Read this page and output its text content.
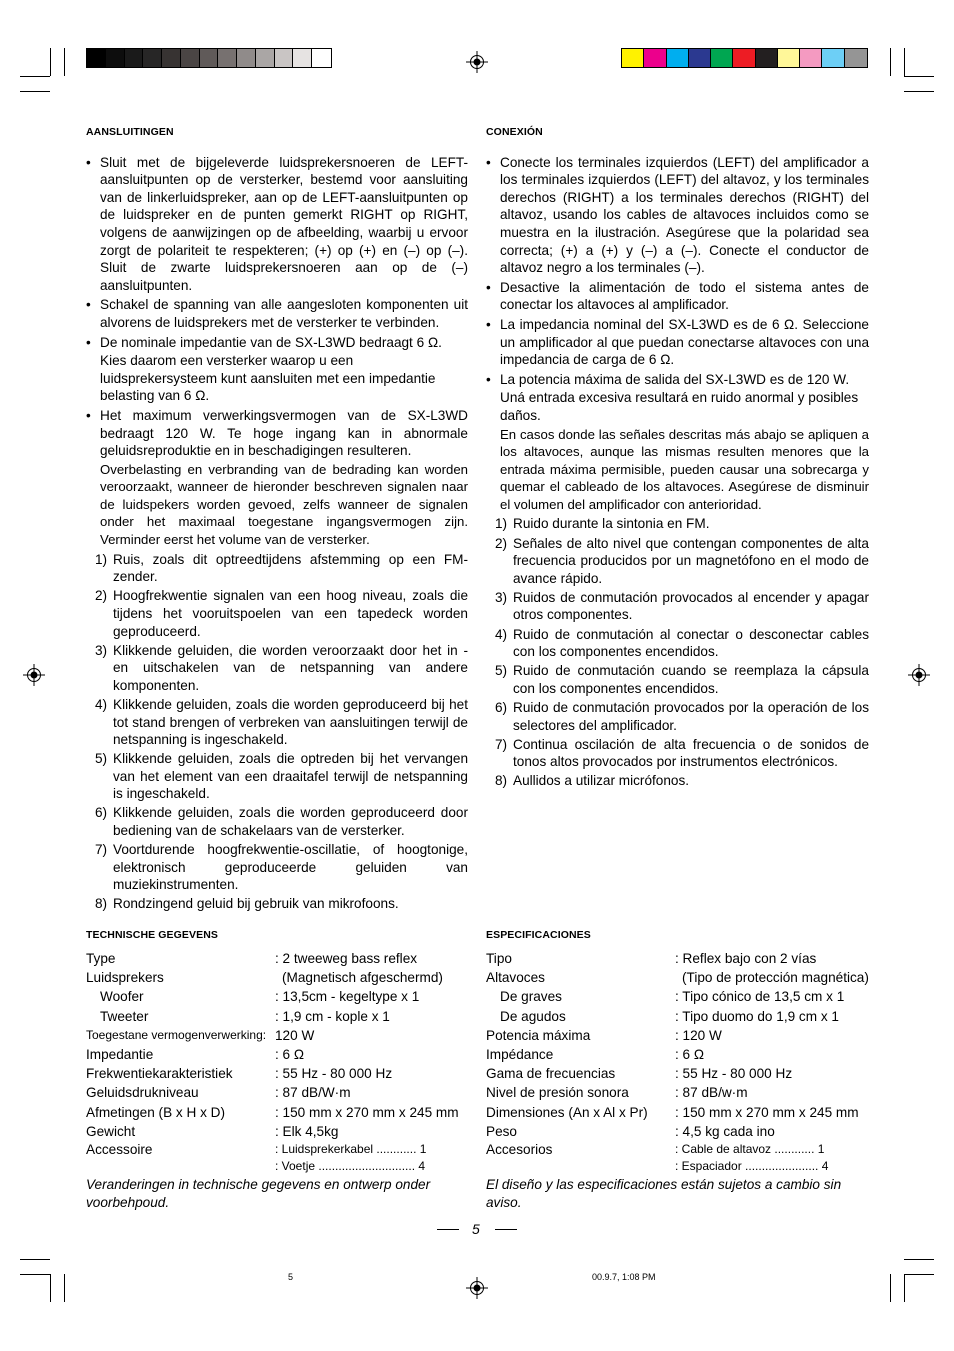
AANSLUITINGEN
• Sluit met de bijgeleverde luidsprekersnoeren de LEFT-aansluitpunten op de versterker, bestemd voor aansluiting van de linkerluidspreker, aan op de LEFT-aansluitpunten op de luidspreker en de punten gemerkt RIGHT op RIGHT, volgens de aanwijzingen op de afbeelding, waarbij u ervoor zorgt de polariteit te respekteren; (+) op (+) en (–) op (–). Sluit de zwarte luidsprekersnoeren aan op de (–) aansluitpunten.
• Schakel de spanning van alle aangesloten komponenten uit alvorens de luidsprekers met de versterker te verbinden.
• De nominale impedantie van de SX-L3WD bedraagt 6 Ω.
Kies daarom een versterker waarop u een luidsprekersysteem kunt aansluiten met een impedantie belasting van 6 Ω.
• Het maximum verwerkingsvermogen van de SX-L3WD bedraagt 120 W. Te hoge ingang kan in abnormale geluidsreproduktie en in beschadigingen resulteren.
Overbelasting en verbranding van de bedrading kan worden veroorzaakt, wanneer de hieronder beschreven signalen naar de luidspekers worden gevoed, zelfs wanneer de signalen onder het maximaal toegestane ingangsvermogen zijn. Verminder eerst het volume van de versterker.
1) Ruis, zoals dit optreedtijdens afstemming op een FM-zender.
2) Hoogfrekwentie signalen van een hoog niveau, zoals die tijdens het vooruitspoelen van een tapedeck worden geproduceerd.
3) Klikkende geluiden, die worden veroorzaakt door het in - en uitschakelen van de netspanning van andere komponenten.
4) Klikkende geluiden, zoals die worden geproduceerd bij het tot stand brengen of verbreken van aansluitingen terwijl de netspanning is ingeschakeld.
5) Klikkende geluiden, zoals die optreden bij het vervangen van het element van een draaitafel terwijl de netspanning is ingeschakeld.
6) Klikkende geluiden, zoals die worden geproduceerd door bediening van de schakelaars van de versterker.
7) Voortdurende hoogfrekwentie-oscillatie, of hoogtonige, elektronisch geproduceerde geluiden van muziekinstrumenten.
8) Rondzingend geluid bij gebruik van mikrofoons.
CONEXIÓN
• Conecte los terminales izquierdos (LEFT) del amplificador a los terminales izquierdos (LEFT) del altavoz, y los terminales derechos (RIGHT) a los terminales derechos (RIGHT) del altavoz, usando los cables de altavoces incluidos como se muestra en la ilustración. Asegúrese que la polaridad sea correcta; (+) a (+) y (–) a (–). Conecte el conductor de altavoz negro a los terminales (–).
• Desactive la alimentación de todo el sistema antes de conectar los altavoces al amplificador.
• La impedancia nominal del SX-L3WD es de 6 Ω. Seleccione un amplificador al que puedan conectarse altavoces con una impedancia de carga de 6 Ω.
• La potencia máxima de salida del SX-L3WD es de 120 W.
Uná entrada excesiva resultará en ruido anormal y posibles daños.
En casos donde las señales descritas más abajo se apliquen a los altavoces, aunque las mismas resulten menores que la entrada máxima permisible, pueden causar una sobrecarga y quemar el cableado de los altavoces. Asegúrese de disminuir el volumen del amplificador con anterioridad.
1) Ruido durante la sintonia en FM.
2) Señales de alto nivel que contengan componentes de alta frecuencia producidos por un magnetófono en el modo de avance rápido.
3) Ruidos de conmutación provocados al encender y apagar otros componentes.
4) Ruido de conmutación al conectar o desconectar cables con los componentes encendidos.
5) Ruido de conmutación cuando se reemplaza la cápsula con los componentes encendidos.
6) Ruido de conmutación provocados por la operación de los selectores del amplificador.
7) Continua oscilación de alta frecuencia o de sonidos de tonos altos provocados por instrumentos electrónicos.
8) Aullidos a utilizar micrófonos.
TECHNISCHE GEGEVENS
Type	: 2 tweeweg bass reflex
Luidsprekers	(Magnetisch afgeschermd)
Woofer	: 13,5cm - kegeltype x 1
Tweeter	: 1,9 cm - kople x 1
Toegestane vermogenverwerking:	120 W
Impedantie	: 6 Ω
Frekwentiekarakteristiek	: 55 Hz - 80 000 Hz
Geluidsdrukniveau	: 87 dB/W·m
Afmetingen (B x H x D)	: 150 mm x 270 mm x 245 mm
Gewicht	: Elk 4,5kg
Accessoire	: Luidsprekerkabel ............ 1
	: Voetje ............................. 4
Veranderingen in technische gegevens en ontwerp onder voorbehpoud.
ESPECIFICACIONES
Tipo	: Reflex bajo con 2 vías
Altavoces	(Tipo de protección magnética)
De graves	: Tipo cónico de 13,5 cm x 1
De agudos	: Tipo duomo do 1,9 cm x 1
Potencia máxima	: 120 W
Impédance	: 6 Ω
Gama de frecuencias	: 55 Hz - 80 000 Hz
Nivel de presión sonora	: 87 dB/w·m
Dimensiones (An x Al x Pr)	: 150 mm x 270 mm x 245 mm
Peso	: 4,5 kg cada ino
Accesorios	: Cable de altavoz ............ 1
	: Espaciador ...................... 4
El diseño y las especificaciones están sujetos a cambio sin aviso.
5
5	00.9.7, 1:08 PM
